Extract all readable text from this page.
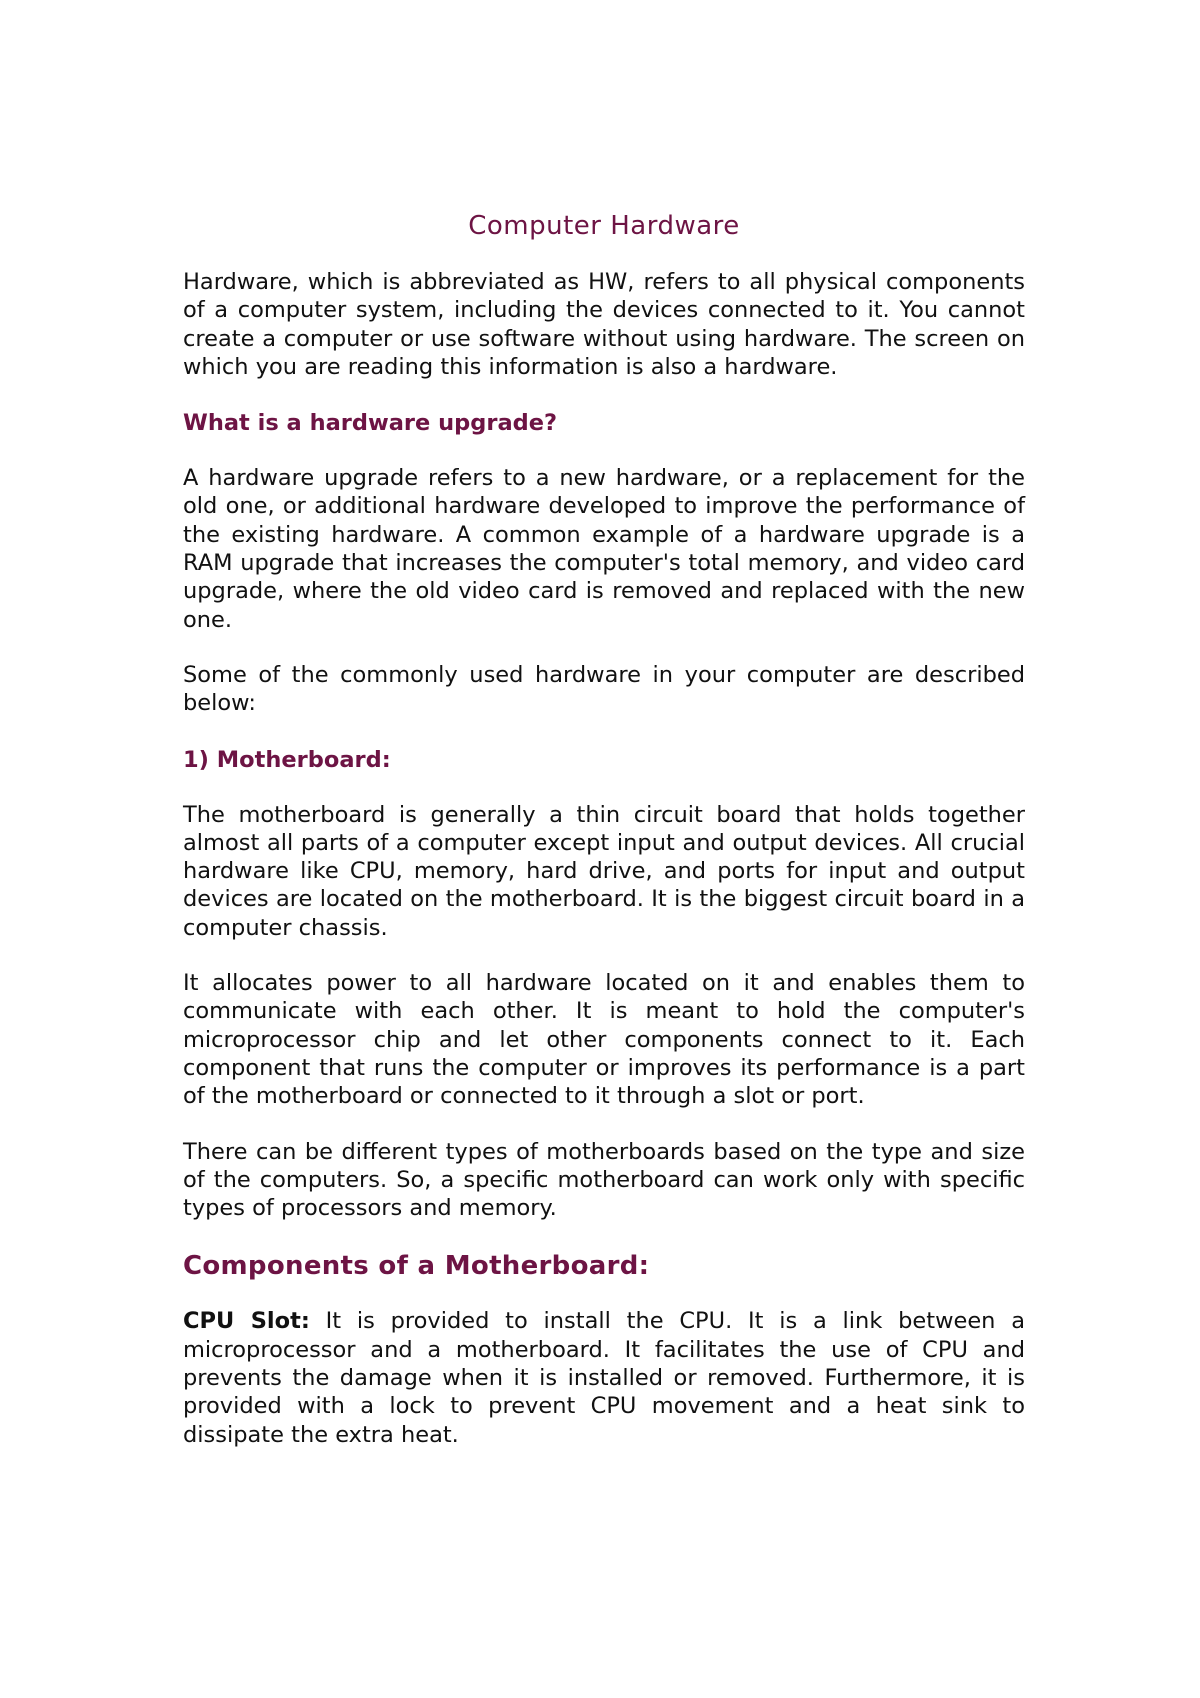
Computer Hardware

Hardware, which is abbreviated as HW, refers to all physical components of a computer system, including the devices connected to it. You cannot create a computer or use software without using hardware. The screen on which you are reading this information is also a hardware.

What is a hardware upgrade?

A hardware upgrade refers to a new hardware, or a replacement for the old one, or additional hardware developed to improve the performance of the existing hardware. A common example of a hardware upgrade is a RAM upgrade that increases the computer's total memory, and video card upgrade, where the old video card is removed and replaced with the new one.

Some of the commonly used hardware in your computer are described below:

1) Motherboard:

The motherboard is generally a thin circuit board that holds together almost all parts of a computer except input and output devices. All crucial hardware like CPU, memory, hard drive, and ports for input and output devices are located on the motherboard. It is the biggest circuit board in a computer chassis.

It allocates power to all hardware located on it and enables them to communicate with each other. It is meant to hold the computer's microprocessor chip and let other components connect to it. Each component that runs the computer or improves its performance is a part of the motherboard or connected to it through a slot or port.

There can be different types of motherboards based on the type and size of the computers. So, a specific motherboard can work only with specific types of processors and memory.

Components of a Motherboard:

CPU Slot: It is provided to install the CPU. It is a link between a microprocessor and a motherboard. It facilitates the use of CPU and prevents the damage when it is installed or removed. Furthermore, it is provided with a lock to prevent CPU movement and a heat sink to dissipate the extra heat.
